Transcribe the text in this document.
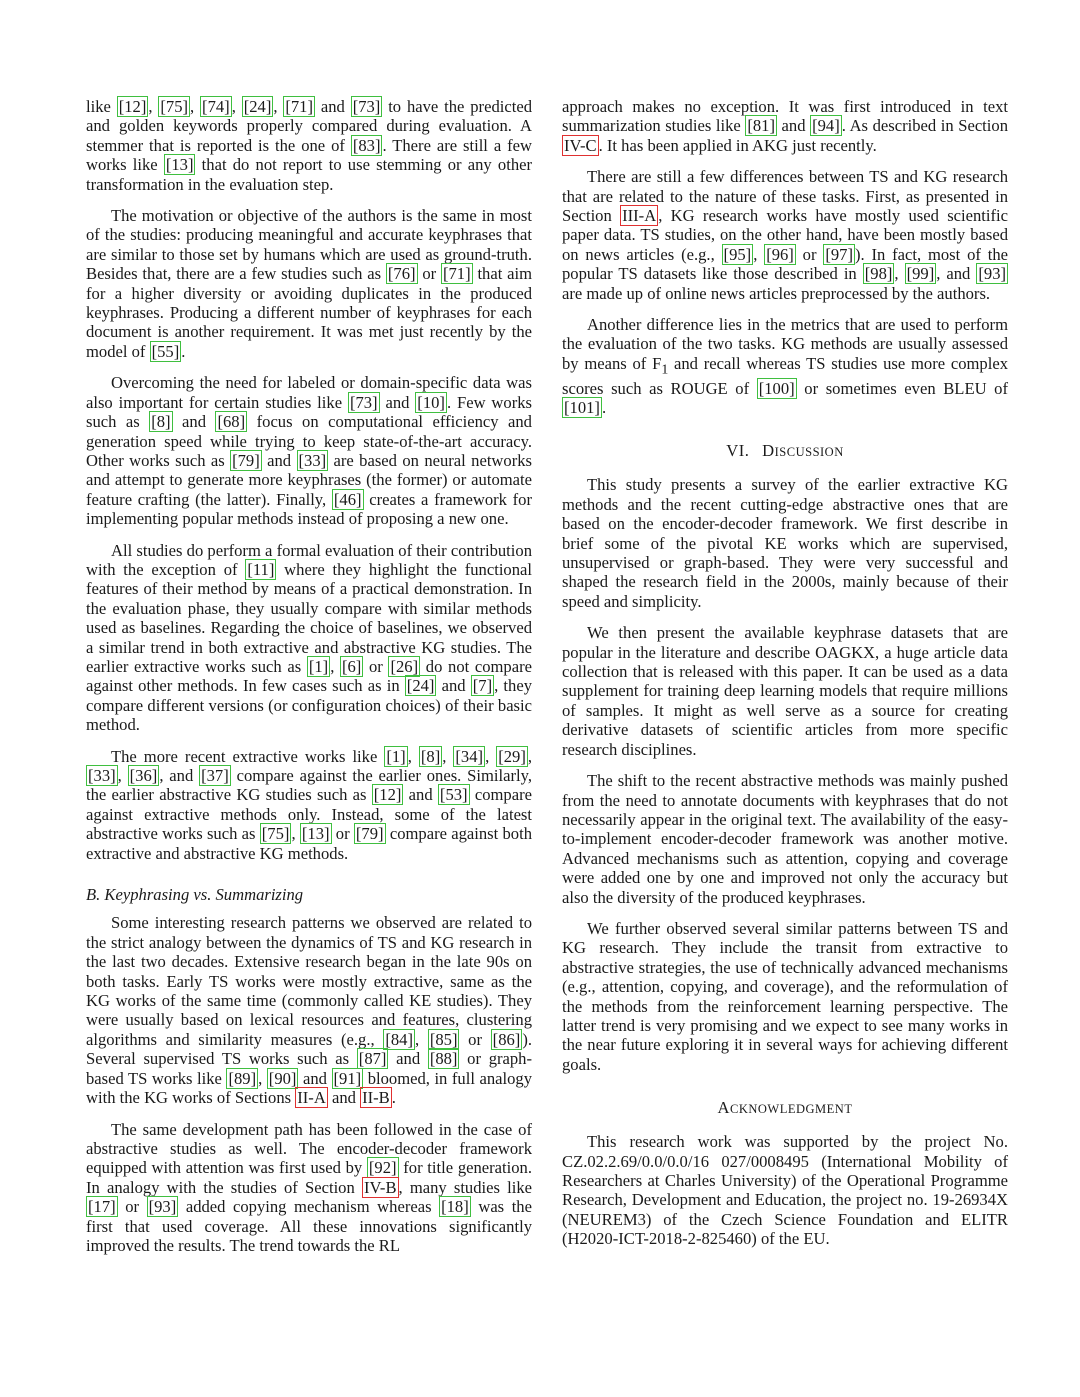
like [12] , [75] , [74] , [24] , [71] and [73] to have the predicted and golden keywords properly compared during evaluation. A stemmer that is reported is the one of [83] . There are still a few works like [13] that do not report to use stemming or any other transformation in the evaluation step.

The motivation or objective of the authors is the same in most of the studies: producing meaningful and accurate keyphrases that are similar to those set by humans which are used as ground-truth. Besides that, there are a few studies such as [76] or [71] that aim for a higher diversity or avoiding duplicates in the produced keyphrases. Producing a different number of keyphrases for each document is another requirement. It was met just recently by the model of [55] .

Overcoming the need for labeled or domain-specific data was also important for certain studies like [73] and [10] . Few works such as [8] and [68] focus on computational efficiency and generation speed while trying to keep state-of-the-art accuracy. Other works such as [79] and [33] are based on neural networks and attempt to generate more keyphrases (the former) or automate feature crafting (the latter). Finally, [46] creates a framework for implementing popular methods instead of proposing a new one.

All studies do perform a formal evaluation of their contribution with the exception of [11] where they highlight the functional features of their method by means of a practical demonstration. In the evaluation phase, they usually compare with similar methods used as baselines. Regarding the choice of baselines, we observed a similar trend in both extractive and abstractive KG studies. The earlier extractive works such as [1] , [6] or [26] do not compare against other methods. In few cases such as in [24] and [7] , they compare different versions (or configuration choices) of their basic method.

The more recent extractive works like [1] , [8] , [34] , [29] , [33] , [36] , and [37] compare against the earlier ones. Similarly, the earlier abstractive KG studies such as [12] and [53] compare against extractive methods only. Instead, some of the latest abstractive works such as [75] , [13] or [79] compare against both extractive and abstractive KG methods.

B. Keyphrasing vs. Summarizing

Some interesting research patterns we observed are related to the strict analogy between the dynamics of TS and KG research in the last two decades. Extensive research began in the late 90s on both tasks. Early TS works were mostly extractive, same as the KG works of the same time (commonly called KE studies). They were usually based on lexical resources and features, clustering algorithms and similarity measures (e.g., [84] , [85] or [86] ). Several supervised TS works such as [87] and [88] or graph-based TS works like [89] , [90] and [91] bloomed, in full analogy with the KG works of Sections II-A and II-B .

The same development path has been followed in the case of abstractive studies as well. The encoder-decoder framework equipped with attention was first used by [92] for title generation. In analogy with the studies of Section IV-B , many studies like [17] or [93] added copying mechanism whereas [18] was the first that used coverage. All these innovations significantly improved the results. The trend towards the RL

approach makes no exception. It was first introduced in text summarization studies like [81] and [94] . As described in Section IV-C . It has been applied in AKG just recently.

There are still a few differences between TS and KG research that are related to the nature of these tasks. First, as presented in Section III-A , KG research works have mostly used scientific paper data. TS studies, on the other hand, have been mostly based on news articles (e.g., [95] , [96] or [97] ). In fact, most of the popular TS datasets like those described in [98] , [99] , and [93] are made up of online news articles preprocessed by the authors.

Another difference lies in the metrics that are used to perform the evaluation of the two tasks. KG methods are usually assessed by means of $F_1$ and recall whereas TS studies use more complex scores such as ROUGE of [100] or sometimes even BLEU of [101] .

VI. DISCUSSION

This study presents a survey of the earlier extractive KG methods and the recent cutting-edge abstractive ones that are based on the encoder-decoder framework. We first describe in brief some of the pivotal KE works which are supervised, unsupervised or graph-based. They were very successful and shaped the research field in the 2000s, mainly because of their speed and simplicity.

We then present the available keyphrase datasets that are popular in the literature and describe OAGKX, a huge article data collection that is released with this paper. It can be used as a data supplement for training deep learning models that require millions of samples. It might as well serve as a source for creating derivative datasets of scientific articles from more specific research disciplines.

The shift to the recent abstractive methods was mainly pushed from the need to annotate documents with keyphrases that do not necessarily appear in the original text. The availability of the easy-to-implement encoder-decoder framework was another motive. Advanced mechanisms such as attention, copying and coverage were added one by one and improved not only the accuracy but also the diversity of the produced keyphrases.

We further observed several similar patterns between TS and KG research. They include the transit from extractive to abstractive strategies, the use of technically advanced mechanisms (e.g., attention, copying, and coverage), and the reformulation of the methods from the reinforcement learning perspective. The latter trend is very promising and we expect to see many works in the near future exploring it in several ways for achieving different goals.

ACKNOWLEDGMENT

This research work was supported by the project No. CZ.02.2.69/0.0/0.0/16 027/0008495 (International Mobility of Researchers at Charles University) of the Operational Programme Research, Development and Education, the project no. 19-26934X (NEUREM3) of the Czech Science Foundation and ELITR (H2020-ICT-2018-2-825460) of the EU.
